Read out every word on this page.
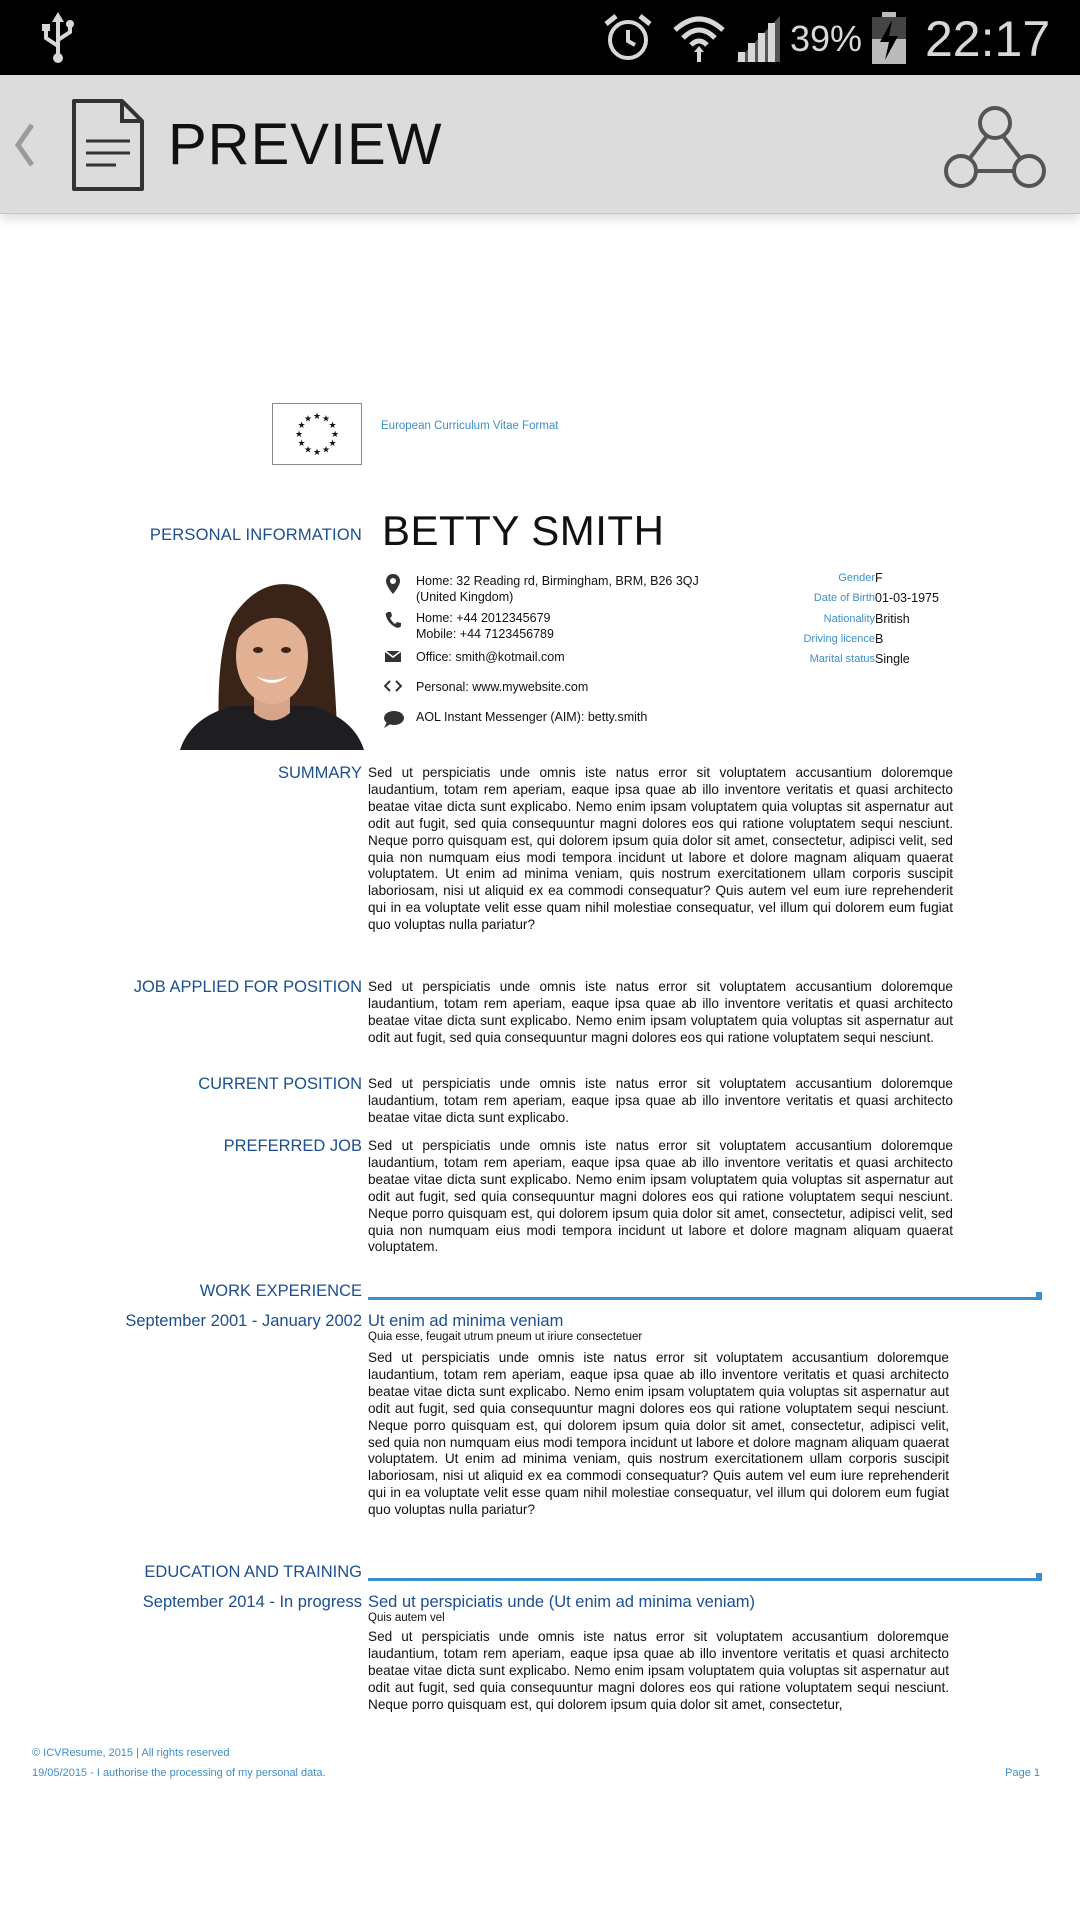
39% 22:17
PREVIEW
★ ★
★
★
★
★
★
★
★
★
★
★
European Curriculum Vitae Format
PERSONAL INFORMATION BETTY SMITH
Home: 32 Reading rd, Birmingham, BRM, B26 3QJ
(United Kingdom)
Home: +44 2012345679
Mobile: +44 7123456789
Office: smith@kotmail.com
Personal: www.mywebsite.com
AOL Instant Messenger (AIM): betty.smith
Gender F
Date of Birth 01-03-1975
Nationality British
Driving licence B
Marital status Single
SUMMARY Sed ut perspiciatis unde omnis iste natus error sit voluptatem accusantium doloremque laudantium, totam rem aperiam, eaque ipsa quae ab illo inventore veritatis et quasi architecto beatae vitae dicta sunt explicabo. Nemo enim ipsam voluptatem quia voluptas sit aspernatur aut odit aut fugit, sed quia consequuntur magni dolores eos qui ratione voluptatem sequi nesciunt. Neque porro quisquam est, qui dolorem ipsum quia dolor sit amet, consectetur, adipisci velit, sed quia non numquam eius modi tempora incidunt ut labore et dolore magnam aliquam quaerat voluptatem. Ut enim ad minima veniam, quis nostrum exercitationem ullam corporis suscipit laboriosam, nisi ut aliquid ex ea commodi consequatur? Quis autem vel eum iure reprehenderit qui in ea voluptate velit esse quam nihil molestiae consequatur, vel illum qui dolorem eum fugiat quo voluptas nulla pariatur?

JOB APPLIED FOR POSITION Sed ut perspiciatis unde omnis iste natus error sit voluptatem accusantium doloremque laudantium, totam rem aperiam, eaque ipsa quae ab illo inventore veritatis et quasi architecto beatae vitae dicta sunt explicabo. Nemo enim ipsam voluptatem quia voluptas sit aspernatur aut odit aut fugit, sed quia consequuntur magni dolores eos qui ratione voluptatem sequi nesciunt.

CURRENT POSITION Sed ut perspiciatis unde omnis iste natus error sit voluptatem accusantium doloremque laudantium, totam rem aperiam, eaque ipsa quae ab illo inventore veritatis et quasi architecto beatae vitae dicta sunt explicabo.

PREFERRED JOB Sed ut perspiciatis unde omnis iste natus error sit voluptatem accusantium doloremque laudantium, totam rem aperiam, eaque ipsa quae ab illo inventore veritatis et quasi architecto beatae vitae dicta sunt explicabo. Nemo enim ipsam voluptatem quia voluptas sit aspernatur aut odit aut fugit, sed quia consequuntur magni dolores eos qui ratione voluptatem sequi nesciunt. Neque porro quisquam est, qui dolorem ipsum quia dolor sit amet, consectetur, adipisci velit, sed quia non numquam eius modi tempora incidunt ut labore et dolore magnam aliquam quaerat voluptatem.

WORK EXPERIENCE
September 2001 - January 2002 Ut enim ad minima veniam
Quia esse, feugait utrum pneum ut iriure consectetuer

Sed ut perspiciatis unde omnis iste natus error sit voluptatem accusantium doloremque laudantium, totam rem aperiam, eaque ipsa quae ab illo inventore veritatis et quasi architecto beatae vitae dicta sunt explicabo. Nemo enim ipsam voluptatem quia voluptas sit aspernatur aut odit aut fugit, sed quia consequuntur magni dolores eos qui ratione voluptatem sequi nesciunt. Neque porro quisquam est, qui dolorem ipsum quia dolor sit amet, consectetur, adipisci velit, sed quia non numquam eius modi tempora incidunt ut labore et dolore magnam aliquam quaerat voluptatem. Ut enim ad minima veniam, quis nostrum exercitationem ullam corporis suscipit laboriosam, nisi ut aliquid ex ea commodi consequatur? Quis autem vel eum iure reprehenderit qui in ea voluptate velit esse quam nihil molestiae consequatur, vel illum qui dolorem eum fugiat quo voluptas nulla pariatur?

EDUCATION AND TRAINING
September 2014 - In progress Sed ut perspiciatis unde (Ut enim ad minima veniam)
Quis autem vel

Sed ut perspiciatis unde omnis iste natus error sit voluptatem accusantium doloremque laudantium, totam rem aperiam, eaque ipsa quae ab illo inventore veritatis et quasi architecto beatae vitae dicta sunt explicabo. Nemo enim ipsam voluptatem quia voluptas sit aspernatur aut odit aut fugit, sed quia consequuntur magni dolores eos qui ratione voluptatem sequi nesciunt. Neque porro quisquam est, qui dolorem ipsum quia dolor sit amet, consectetur,

© ICVResume, 2015 | All rights reserved
19/05/2015 - I authorise the processing of my personal data.	Page 1
